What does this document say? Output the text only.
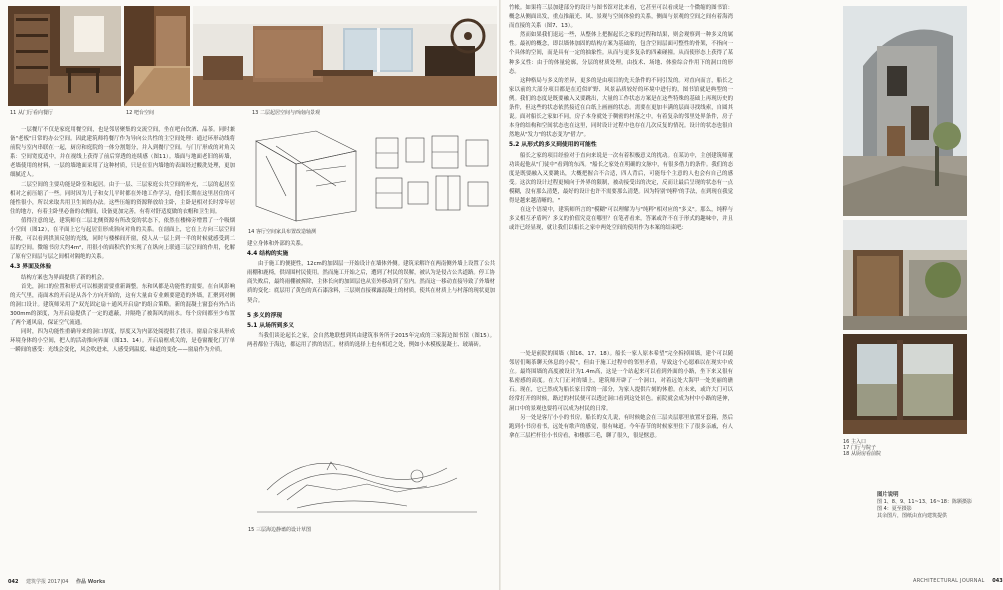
11 从门厅看向餐厅	12 吧台空间	13 二层起居空间与西南向景观

一层餐厅不仅是家庭用餐空间，也是邻居聚集的交流空间，坐在吧台饮酒、品茶。同时兼备"老板"日常的办公空间。因此建筑师将餐厅作为导向公共性的主空间处理：通过环形动线将前院与室内串联在一起，厨房和庭院的一体分割划分，并入到餐厅空间。与门厅形成的对角关系：空间宽度适中，并在视线上获得了前后穿透的连续感（图11）。墙面与地面老旧的砖墙，老墙使用的材料，一层的墙地面采用了这种材质，只是在室内墙地的表面经过酸洗处理，更加细腻近人。

二层空间的主要功能是卧室和起居。由于一层、三层家庭公共空间的补充，二层的起居室相对之前压缩了一些。同时因为儿子和女儿平时都在外地工作学习，他们长期在这里居住的可能性很小，所以来取共用卫生间的办法。这些压缩的资源释放给主卧，主卧是相对长时常年居住的地方，有着主卧里必备的衣帽间，设备更加完善，有将对舒适度做的衣帽和卫生间。

值得注意的是，建筑师在二层北侧资源有所改变的状态下，依然在楼梯旁增置了一个吸烟小空间（图12），在平面上它与起居室形成斜向对角的关系。在剖面上，它在上方向三层空间开敞，可以看到拱顶反射的光线，同时与楼梯间开窗，使人从一层上到一半的时候就感受到二层的空间。微缩书房大约4m²，用很小的面积代价实现了在纵向上联通三层空间的作用，化解了原有空间层与层之间相对隔绝的关系。

4.3 界面及体验

结构方案也为界面提供了新的机会。

首先，洞口的位置和形式可以根据需要重新调整。东和风都是功能性的需要。在台风影响的天气里，南面木的开启是从各个方向开始的，这有大量由专业颇要建造的外墙，汇聚到对侧的洞口设计。建筑师采用了"双光固定扇＋通风开启扇"的组合策略。新的混凝土窗套有外凸出300mm的深度，为开启扇提供了一定的遮蔽，并隔绝了被海风的雨水。每个房间都至少布置了两个通风扇，保证空气流通。

同时，四为功能性重确导来的洞口厚度，厚度又为内部处阅提供了找寻。窗扇合家具形成环境身体的小空间，把人的活动推向界面（图13、14）。开启扇框成关的，是卷窗覆化门厅单一瞬间的感受：光线会变化，风会吹进来，人感受到温度、味道的变化——窗扇作为介质。

14 客厅空间家具布置改造轴测

建立身体和外部的关系。

4.4 结构的实施

由于施工的便捷性，12cm的加固层一开始设计在墙体外侧。建筑采解许在两南侧外墙上设置了公共雨棚和鹿椅，供周围村民使用。然而施工开始之后，遭到了村民的误解，被认为是侵占公共道路。停工协商失败后，最终雨棚被拆除，主体长向的加固层也从室外移动到了室内。然而这一移动直接导致了外墙材质的变化：底层用了黄色的真石漆涂料，三层则直接裸露混凝土的材质，使其在材质上与村落的现状更加契合。

5 多义的浮现
5.1 从场所到多义

当我们谈论起长之家，会自然地联想到其由建筑事务所于2015年完成的三家海边图书馆（图15）。两者都位于海边，都运用了拱的语汇，材质的选择上也有相近之处，例如小木模板混凝土、玻璃砖。

15 三层海边静谧的设计草图
042 建筑学报 2017|04 作品 Works

竹帐。如果将三层加建部分的设计与图书馆对比来看，它甚至可以看成是一个微缩的图书馆：概念从侧面出发，重点推敲光、风、景观与空间体验的关系，侧面与景观的空间之间有着海湾而直接的关系（图7、13）。

然而如果我们退远一些，从整体上把握起长之家的过程和结果，则会观察到一种多义的属性。最初的概念，即以墙体加固的结构方案为基础的，包含空间层面可整性的骨架，不指向一个具体的空间，而是具有一定的抽象性。从而与更多复杂的四素碰撞。从而使形态上获得了某种多义性：由于的体量轮廓，分层的材质处理，由技术、场地、体验综合作用下的洞口的形态。

这种格局与多义的差异，更多的是由项目的先天条件的不同引发的。对直向而言，船长之家以前的大部分项目都是在近似旷野、风景品质较好的环境中进行的，图书馆就是典型的一例。我们的态度是既要融入又要跳出，大量的工作状态方案是在这些特殊的基础上再现历史的条件，但这些的状态依然接近在白纸上画画的状态。需要在更加丰满的层面寻找线索，自圆其说。面对船长之家如不同，房子本身就处于稠密的村落之中，有着复杂的邻里处界条件，房子本身的结构和空间状态也在这里，同时设计过程中也存在几次反复的情况。设计的状态也很自然地从"发力"的状态变为"借力"。

5.2 从形式的多义到使用的可能性

船长之家的项目经验对于直向来说是一次有着积极意义的扰动。在某访中，主创建筑师董功谈起他从"门徒中"看到的东西。"船长之家处在明确的文脉中，有很多借力的条件。我们的态度是既要融入又要跳出，大概把握合不合适，四人背后，可能每个主意的人也会有自己的感受。这次的设计过程更倾向于外界的限制，被动接受出的决定，反而让最后呈现的状态有一点模糊，没有那么清楚，最好的设计也许不需要那么清楚。因为特别'纯粹'的手法，在到现在我觉得是越来越清晰的。"

在这个语境中，建筑师所言的"模糊"可以理解为与"纯粹"相对应的"多义"。那么，纯粹与多义相互矛盾吗？多义的价值究竟在哪里？在笔者看来，答案或许不在于形式的趣味中，并且或许已经显现，就让我们以船长之家中两处空间的使用作为本案的结束吧：

一处是前院的围墙（图16、17、18）。船长一家人原本希望"完全拆掉围墙，建个可以随邻居们喝茶聊天休息的小院"，但由于施工过程中的邻里矛盾，导致这个心愿难以在现实中成立。最终围墙的高度被设计为1.4m高，这是一个站起来可以看到外面的小路，坐下来又很有私密感的高度。在大门正对的墙上，建筑师开辟了一个洞口，对着远处大海甲一处美丽的礁石。现在，它已然成为船长家日常的一部分，为家人提供片刻的休憩。在未来，或许大门可以经常打开的时候，路过的村民便可以透过洞口看到这处景色。前院就会成为村中小路的延伸，洞口中的景观也要将可以成为村民的日常。

另一处是客厅小小的书房。船长的女儿说，有时候她会在三层夹层那里放置牙套箱，然后跑到小书房看书，远处有歌声的感觉，很有味道。今年春节的时候家里住下了很多亲戚，有人拿在三层栏杆往小书房看，和楼那三毛，聊了很久，很是惬意。

16 主入口
17 门厅与院子
18 从厨房看前院
图片说明
图 1、8、9、11~13、16~18：陈颢摄影
图 4：夏至摄影
其余图片，图纸由直向建筑提供
ARCHITECTURAL JOURNAL 043
